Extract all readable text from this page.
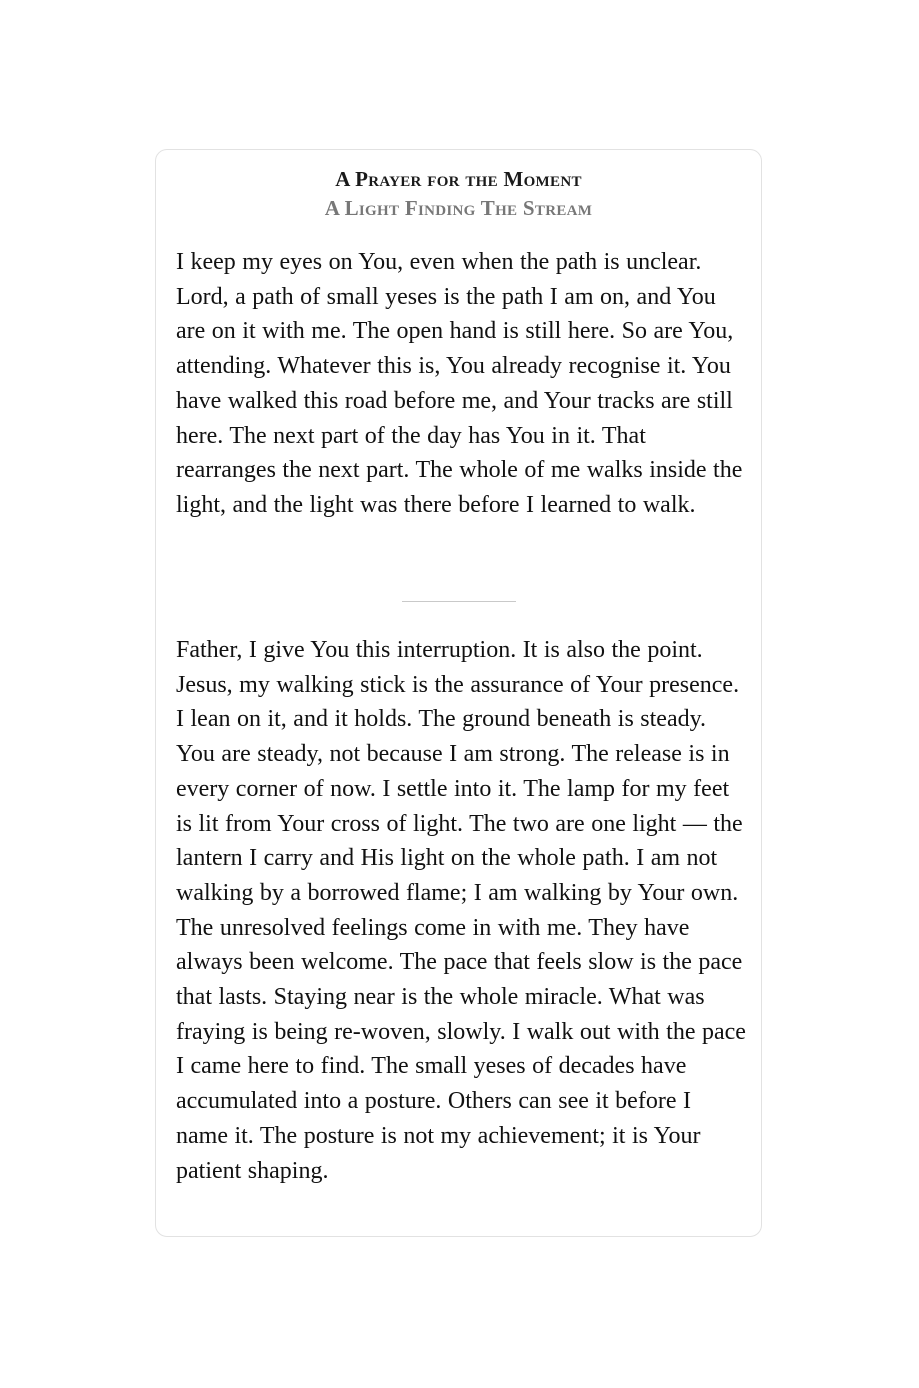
A Prayer for the Moment
A Light Finding The Stream

I keep my eyes on You, even when the path is unclear. Lord, a path of small yeses is the path I am on, and You are on it with me. The open hand is still here. So are You, attending. Whatever this is, You already recognise it. You have walked this road before me, and Your tracks are still here. The next part of the day has You in it. That rearranges the next part. The whole of me walks inside the light, and the light was there before I learned to walk.

Father, I give You this interruption. It is also the point. Jesus, my walking stick is the assurance of Your presence. I lean on it, and it holds. The ground beneath is steady. You are steady, not because I am strong. The release is in every corner of now. I settle into it. The lamp for my feet is lit from Your cross of light. The two are one light — the lantern I carry and His light on the whole path. I am not walking by a borrowed flame; I am walking by Your own. The unresolved feelings come in with me. They have always been welcome. The pace that feels slow is the pace that lasts. Staying near is the whole miracle. What was fraying is being re-woven, slowly. I walk out with the pace I came here to find. The small yeses of decades have accumulated into a posture. Others can see it before I name it. The posture is not my achievement; it is Your patient shaping.
